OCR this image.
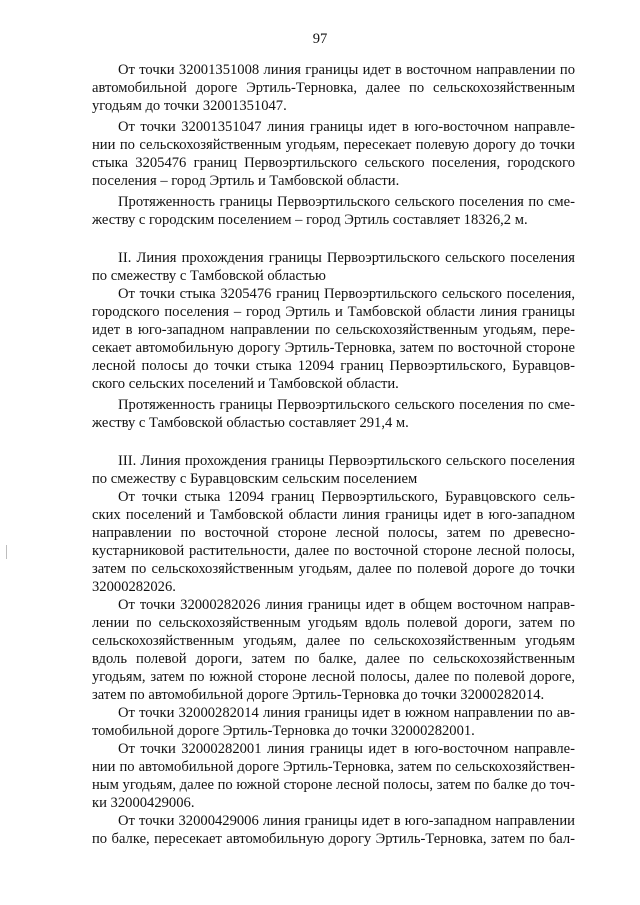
97
От точки 32001351008 линия границы идет в восточном направлении по
автомобильной дороге Эртиль-Терновка, далее по сельскохозяйственным
угодьям до точки 32001351047.
От точки 32001351047 линия границы идет в юго-восточном направле-
нии по сельскохозяйственным угодьям, пересекает полевую дорогу до точки
стыка 3205476 границ Первоэртильского сельского поселения, городского
поселения – город Эртиль и Тамбовской области.
Протяженность границы Первоэртильского сельского поселения по сме-
жеству с городским поселением – город Эртиль составляет 18326,2 м.
II. Линия прохождения границы Первоэртильского сельского поселения
по смежеству с Тамбовской областью
От точки стыка 3205476 границ Первоэртильского сельского поселения,
городского поселения – город Эртиль и Тамбовской области линия границы
идет в юго-западном направлении по сельскохозяйственным угодьям, пере-
секает автомобильную дорогу Эртиль-Терновка, затем по восточной стороне
лесной полосы до точки стыка 12094 границ Первоэртильского, Буравцов-
ского сельских поселений и Тамбовской области.
Протяженность границы Первоэртильского сельского поселения по сме-
жеству с Тамбовской областью составляет 291,4 м.
III. Линия прохождения границы Первоэртильского сельского поселения
по смежеству с Буравцовским сельским поселением
От точки стыка 12094 границ Первоэртильского, Буравцовского сель-
ских поселений и Тамбовской области линия границы идет в юго-западном
направлении по восточной стороне лесной полосы, затем по древесно-
кустарниковой растительности, далее по восточной стороне лесной полосы,
затем по сельскохозяйственным угодьям, далее по полевой дороге до точки
32000282026.
От точки 32000282026 линия границы идет в общем восточном направ-
лении по сельскохозяйственным угодьям вдоль полевой дороги, затем по
сельскохозяйственным угодьям, далее по сельскохозяйственным угодьям
вдоль полевой дороги, затем по балке, далее по сельскохозяйственным
угодьям, затем по южной стороне лесной полосы, далее по полевой дороге,
затем по автомобильной дороге Эртиль-Терновка до точки 32000282014.
От точки 32000282014 линия границы идет в южном направлении по ав-
томобильной дороге Эртиль-Терновка до точки 32000282001.
От точки 32000282001 линия границы идет в юго-восточном направле-
нии по автомобильной дороге Эртиль-Терновка, затем по сельскохозяйствен-
ным угодьям, далее по южной стороне лесной полосы, затем по балке до точ-
ки 32000429006.
От точки 32000429006 линия границы идет в юго-западном направлении
по балке, пересекает автомобильную дорогу Эртиль-Терновка, затем по бал-
